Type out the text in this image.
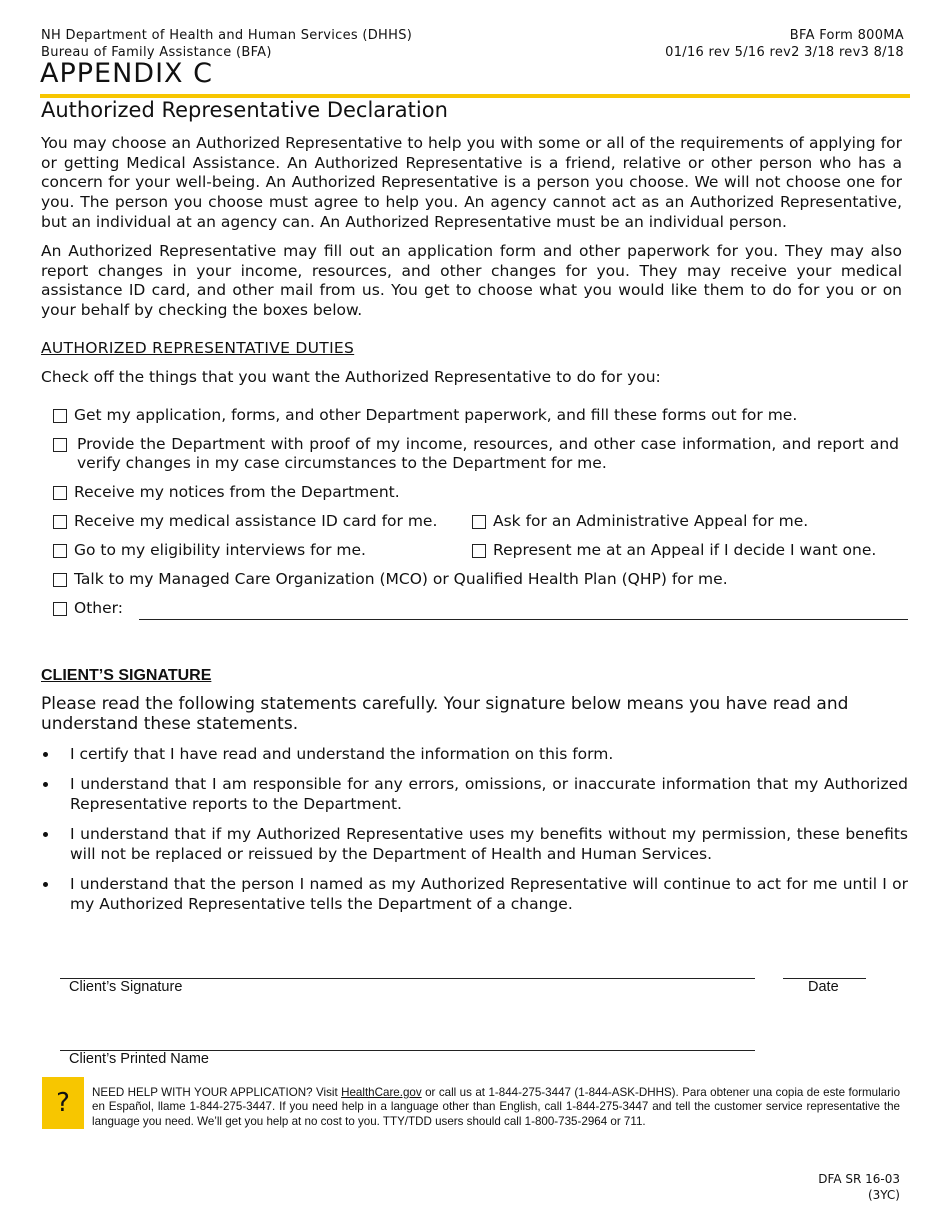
NH Department of Health and Human Services (DHHS)
Bureau of Family Assistance (BFA)
BFA Form 800MA
01/16 rev 5/16 rev2 3/18 rev3 8/18
APPENDIX C
Authorized Representative Declaration
You may choose an Authorized Representative to help you with some or all of the requirements of applying for or getting Medical Assistance. An Authorized Representative is a friend, relative or other person who has a concern for your well-being. An Authorized Representative is a person you choose. We will not choose one for you. The person you choose must agree to help you. An agency cannot act as an Authorized Representative, but an individual at an agency can. An Authorized Representative must be an individual person.
An Authorized Representative may fill out an application form and other paperwork for you. They may also report changes in your income, resources, and other changes for you. They may receive your medical assistance ID card, and other mail from us. You get to choose what you would like them to do for you or on your behalf by checking the boxes below.
AUTHORIZED REPRESENTATIVE DUTIES
Check off the things that you want the Authorized Representative to do for you:
Get my application, forms, and other Department paperwork, and fill these forms out for me.
Provide the Department with proof of my income, resources, and other case information, and report and verify changes in my case circumstances to the Department for me.
Receive my notices from the Department.
Receive my medical assistance ID card for me.	Ask for an Administrative Appeal for me.
Go to my eligibility interviews for me.	Represent me at an Appeal if I decide I want one.
Talk to my Managed Care Organization (MCO) or Qualified Health Plan (QHP) for me.
Other:
CLIENT’S SIGNATURE
Please read the following statements carefully. Your signature below means you have read and understand these statements.
I certify that I have read and understand the information on this form.
I understand that I am responsible for any errors, omissions, or inaccurate information that my Authorized Representative reports to the Department.
I understand that if my Authorized Representative uses my benefits without my permission, these benefits will not be replaced or reissued by the Department of Health and Human Services.
I understand that the person I named as my Authorized Representative will continue to act for me until I or my Authorized Representative tells the Department of a change.
Client’s Signature	Date
Client’s Printed Name
?	NEED HELP WITH YOUR APPLICATION? Visit HealthCare.gov or call us at 1-844-275-3447 (1-844-ASK-DHHS). Para obtener una copia de este formulario en Español, llame 1-844-275-3447. If you need help in a language other than English, call 1-844-275-3447 and tell the customer service representative the language you need. We’ll get you help at no cost to you. TTY/TDD users should call 1-800-735-2964 or 711.
DFA SR 16-03
(3YC)
